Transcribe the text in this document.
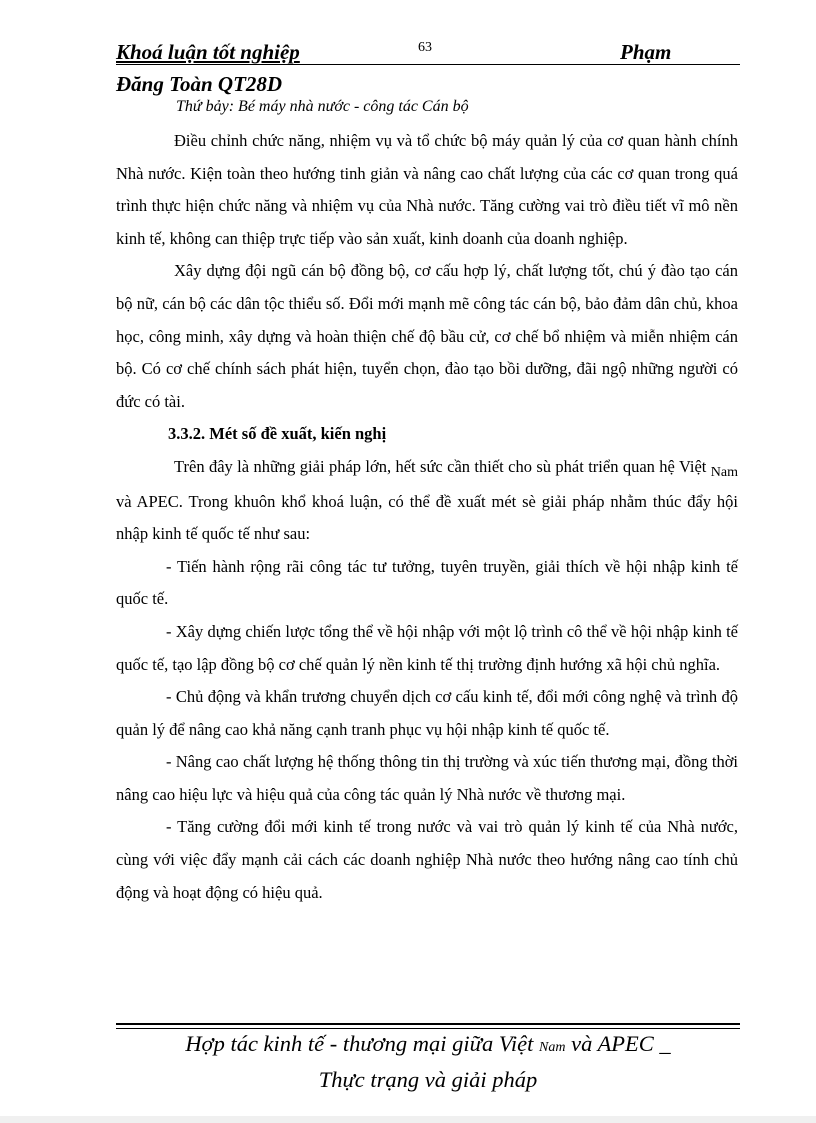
Khoá luận tốt nghiệp	63	Phạm
Đăng Toàn QT28D
Thứ bảy: Bé máy nhà nước - công tác Cán bộ

Điều chỉnh chức năng, nhiệm vụ và tổ chức bộ máy quản lý của cơ quan hành chính Nhà nước. Kiện toàn theo hướng tinh giản và nâng cao chất lượng của các cơ quan trong quá trình thực hiện chức năng và nhiệm vụ của Nhà nước. Tăng cường vai trò điều tiết vĩ mô nền kinh tế, không can thiệp trực tiếp vào sản xuất, kinh doanh của doanh nghiệp.

Xây dựng đội ngũ cán bộ đồng bộ, cơ cấu hợp lý, chất lượng tốt, chú ý đào tạo cán bộ nữ, cán bộ các dân tộc thiểu số. Đổi mới mạnh mẽ công tác cán bộ, bảo đảm dân chủ, khoa học, công minh, xây dựng và hoàn thiện chế độ bầu cử, cơ chế bổ nhiệm và miễn nhiệm cán bộ. Có cơ chế chính sách phát hiện, tuyển chọn, đào tạo bồi dưỡng, đãi ngộ những người có đức có tài.

3.3.2. Mét số đề xuất, kiến nghị

Trên đây là những giải pháp lớn, hết sức cần thiết cho sù phát triển quan hệ Việt $_{Nam}$ và APEC. Trong khuôn khổ khoá luận, có thể đề xuất mét sè giải pháp nhằm thúc đẩy hội nhập kinh tế quốc tế như sau:

- Tiến hành rộng rãi công tác tư tưởng, tuyên truyền, giải thích về hội nhập kinh tế quốc tế.

- Xây dựng chiến lược tổng thể về hội nhập với một lộ trình cô thể về hội nhập kinh tế quốc tế, tạo lập đồng bộ cơ chế quản lý nền kinh tế thị trường định hướng xã hội chủ nghĩa.

- Chủ động và khẩn trương chuyển dịch cơ cấu kinh tế, đổi mới công nghệ và trình độ quản lý để nâng cao khả năng cạnh tranh phục vụ hội nhập kinh tế quốc tế.

- Nâng cao chất lượng hệ thống thông tin thị trường và xúc tiến thương mại, đồng thời nâng cao hiệu lực và hiệu quả của công tác quản lý Nhà nước về thương mại.

- Tăng cường đổi mới kinh tế trong nước và vai trò quản lý kinh tế của Nhà nước, cùng với việc đẩy mạnh cải cách các doanh nghiệp Nhà nước theo hướng nâng cao tính chủ động và hoạt động có hiệu quả.

Hợp tác kinh tế - thương mại giữa Việt Nam và APEC _
Thực trạng và giải pháp
